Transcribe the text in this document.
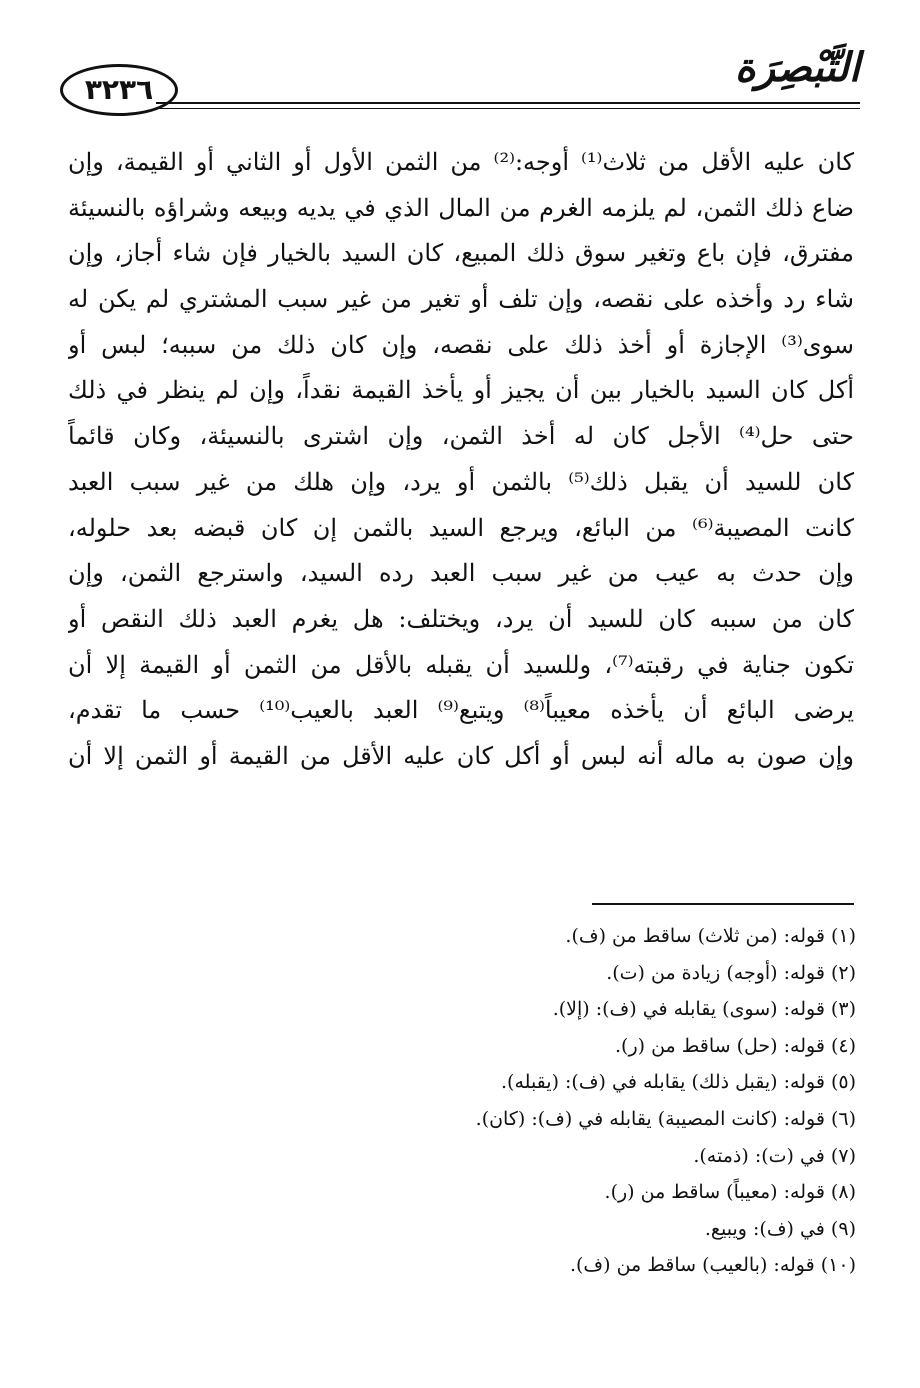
٣٢٣٦	التَّبْصِرَة
كان عليه الأقل من ثلاث⁽¹⁾ أوجه:⁽²⁾ من الثمن الأول أو الثاني أو القيمة، وإن
ضاع ذلك الثمن، لم يلزمه الغرم من المال الذي في يديه وبيعه وشراؤه بالنسيئة
مفترق، فإن باع وتغير سوق ذلك المبيع، كان السيد بالخيار فإن شاء أجاز، وإن
شاء رد وأخذه على نقصه، وإن تلف أو تغير من غير سبب المشتري لم يكن له
سوى⁽³⁾ الإجازة أو أخذ ذلك على نقصه، وإن كان ذلك من سببه؛ لبس أو
أكل كان السيد بالخيار بين أن يجيز أو يأخذ القيمة نقداً، وإن لم ينظر في ذلك
حتى حل⁽⁴⁾ الأجل كان له أخذ الثمن، وإن اشترى بالنسيئة، وكان قائماً
كان للسيد أن يقبل ذلك⁽⁵⁾ بالثمن أو يرد، وإن هلك من غير سبب العبد
كانت المصيبة⁽⁶⁾ من البائع، ويرجع السيد بالثمن إن كان قبضه بعد حلوله،
وإن حدث به عيب من غير سبب العبد رده السيد، واسترجع الثمن، وإن
كان من سببه كان للسيد أن يرد، ويختلف: هل يغرم العبد ذلك النقص أو
تكون جناية في رقبته⁽⁷⁾، وللسيد أن يقبله بالأقل من الثمن أو القيمة إلا أن
يرضى البائع أن يأخذه معيباً⁽⁸⁾ ويتبع⁽⁹⁾ العبد بالعيب⁽¹⁰⁾ حسب ما تقدم،
وإن صون به ماله أنه لبس أو أكل كان عليه الأقل من القيمة أو الثمن إلا أن
(١) قوله: (من ثلاث) ساقط من (ف).
(٢) قوله: (أوجه) زيادة من (ت).
(٣) قوله: (سوى) يقابله في (ف): (إلا).
(٤) قوله: (حل) ساقط من (ر).
(٥) قوله: (يقبل ذلك) يقابله في (ف): (يقبله).
(٦) قوله: (كانت المصيبة) يقابله في (ف): (كان).
(٧) في (ت): (ذمته).
(٨) قوله: (معيباً) ساقط من (ر).
(٩) في (ف): ويبيع.
(١٠) قوله: (بالعيب) ساقط من (ف).
